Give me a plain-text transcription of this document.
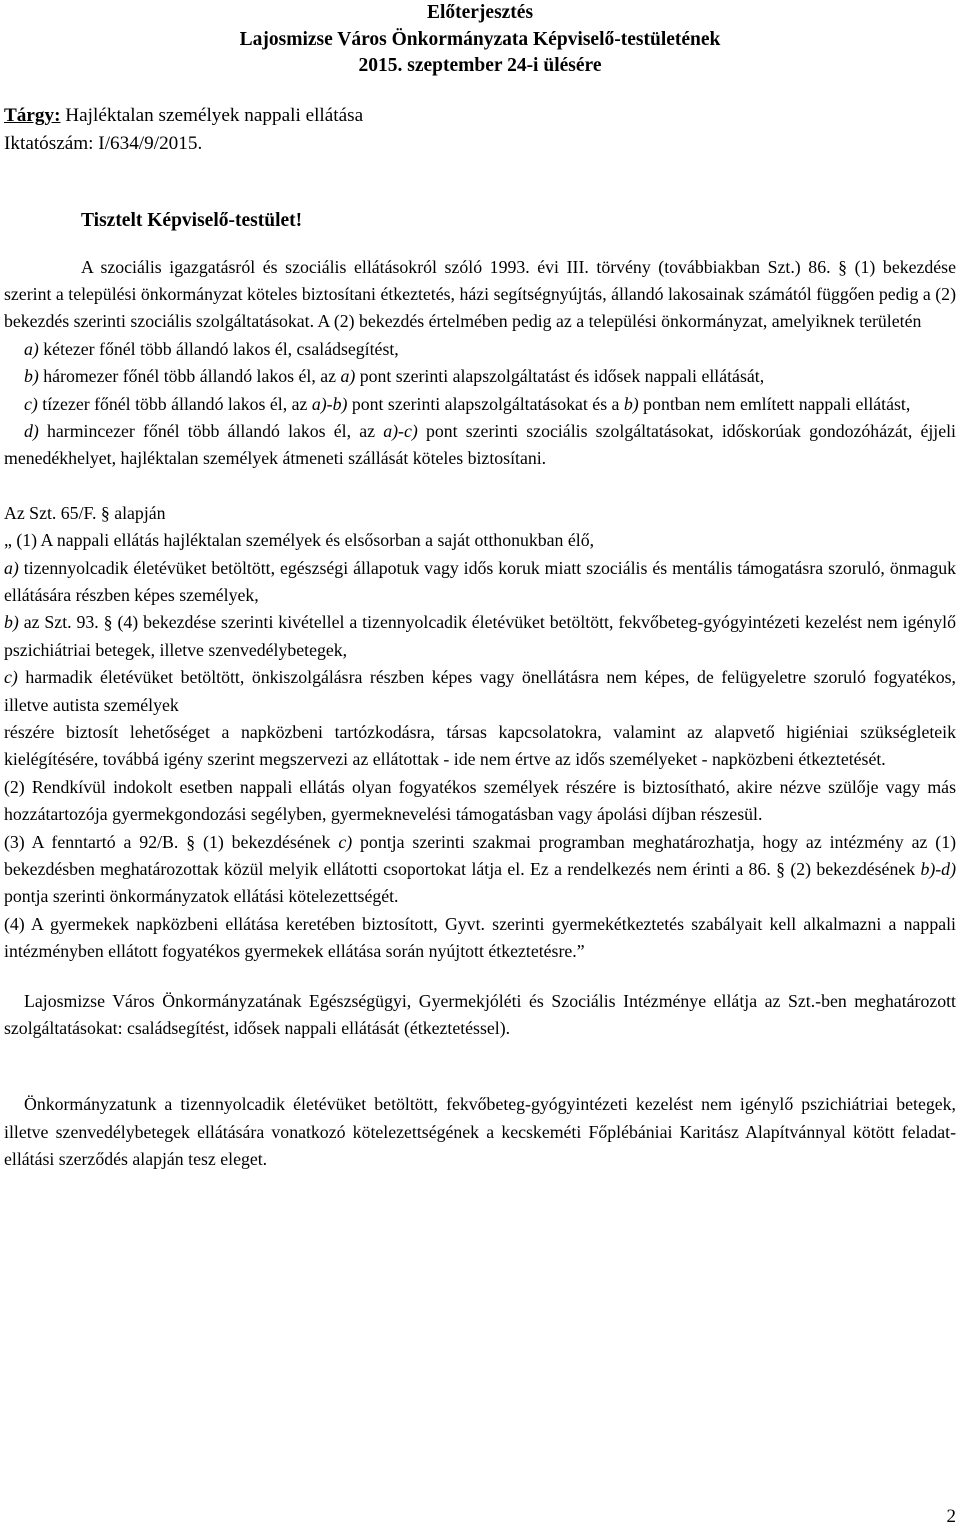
Előterjesztés
Lajosmizse Város Önkormányzata Képviselő-testületének
2015. szeptember 24-i ülésére
Tárgy: Hajléktalan személyek nappali ellátása
Iktatószám: I/634/9/2015.
Tisztelt Képviselő-testület!
A szociális igazgatásról és szociális ellátásokról szóló 1993. évi III. törvény (továbbiakban Szt.) 86. § (1) bekezdése szerint a települési önkormányzat köteles biztosítani étkeztetés, házi segítségnyújtás, állandó lakosainak számától függően pedig a (2) bekezdés szerinti szociális szolgáltatásokat. A (2) bekezdés értelmében pedig az a települési önkormányzat, amelyiknek területén
a) kétezer főnél több állandó lakos él, családsegítést,
b) háromezer főnél több állandó lakos él, az a) pont szerinti alapszolgáltatást és idősek nappali ellátását,
c) tízezer főnél több állandó lakos él, az a)-b) pont szerinti alapszolgáltatásokat és a b) pontban nem említett nappali ellátást,
d) harmincezer főnél több állandó lakos él, az a)-c) pont szerinti szociális szolgáltatásokat, időskorúak gondozóházát, éjjeli menedékhelyet, hajléktalan személyek átmeneti szállását köteles biztosítani.
Az Szt. 65/F. § alapján
„ (1) A nappali ellátás hajléktalan személyek és elsősorban a saját otthonukban élő,
a) tizennyolcadik életévüket betöltött, egészségi állapotuk vagy idős koruk miatt szociális és mentális támogatásra szoruló, önmaguk ellátására részben képes személyek,
b) az Szt. 93. § (4) bekezdése szerinti kivétellel a tizennyolcadik életévüket betöltött, fekvőbeteg-gyógyintézeti kezelést nem igénylő pszichiátriai betegek, illetve szenvedélybetegek,
c) harmadik életévüket betöltött, önkiszolgálásra részben képes vagy önellátásra nem képes, de felügyeletre szoruló fogyatékos, illetve autista személyek
részére biztosít lehetőséget a napközbeni tartózkodásra, társas kapcsolatokra, valamint az alapvető higiéniai szükségleteik kielégítésére, továbbá igény szerint megszervezi az ellátottak - ide nem értve az idős személyeket - napközbeni étkeztetését.
(2) Rendkívül indokolt esetben nappali ellátás olyan fogyatékos személyek részére is biztosítható, akire nézve szülője vagy más hozzátartozója gyermekgondozási segélyben, gyermeknevelési támogatásban vagy ápolási díjban részesül.
(3) A fenntartó a 92/B. § (1) bekezdésének c) pontja szerinti szakmai programban meghatározhatja, hogy az intézmény az (1) bekezdésben meghatározottak közül melyik ellátotti csoportokat látja el. Ez a rendelkezés nem érinti a 86. § (2) bekezdésének b)-d) pontja szerinti önkormányzatok ellátási kötelezettségét.
(4) A gyermekek napközbeni ellátása keretében biztosított, Gyvt. szerinti gyermekétkeztetés szabályait kell alkalmazni a nappali intézményben ellátott fogyatékos gyermekek ellátása során nyújtott étkeztetésre.”
Lajosmizse Város Önkormányzatának Egészségügyi, Gyermekjóléti és Szociális Intézménye ellátja az Szt.-ben meghatározott szolgáltatásokat: családsegítést, idősek nappali ellátását (étkeztetéssel).
Önkormányzatunk a tizennyolcadik életévüket betöltött, fekvőbeteg-gyógyintézeti kezelést nem igénylő pszichiátriai betegek, illetve szenvedélybetegek ellátására vonatkozó kötelezettségének a kecskeméti Főplébániai Karitász Alapítvánnyal kötött feladat-ellátási szerződés alapján tesz eleget.
2
